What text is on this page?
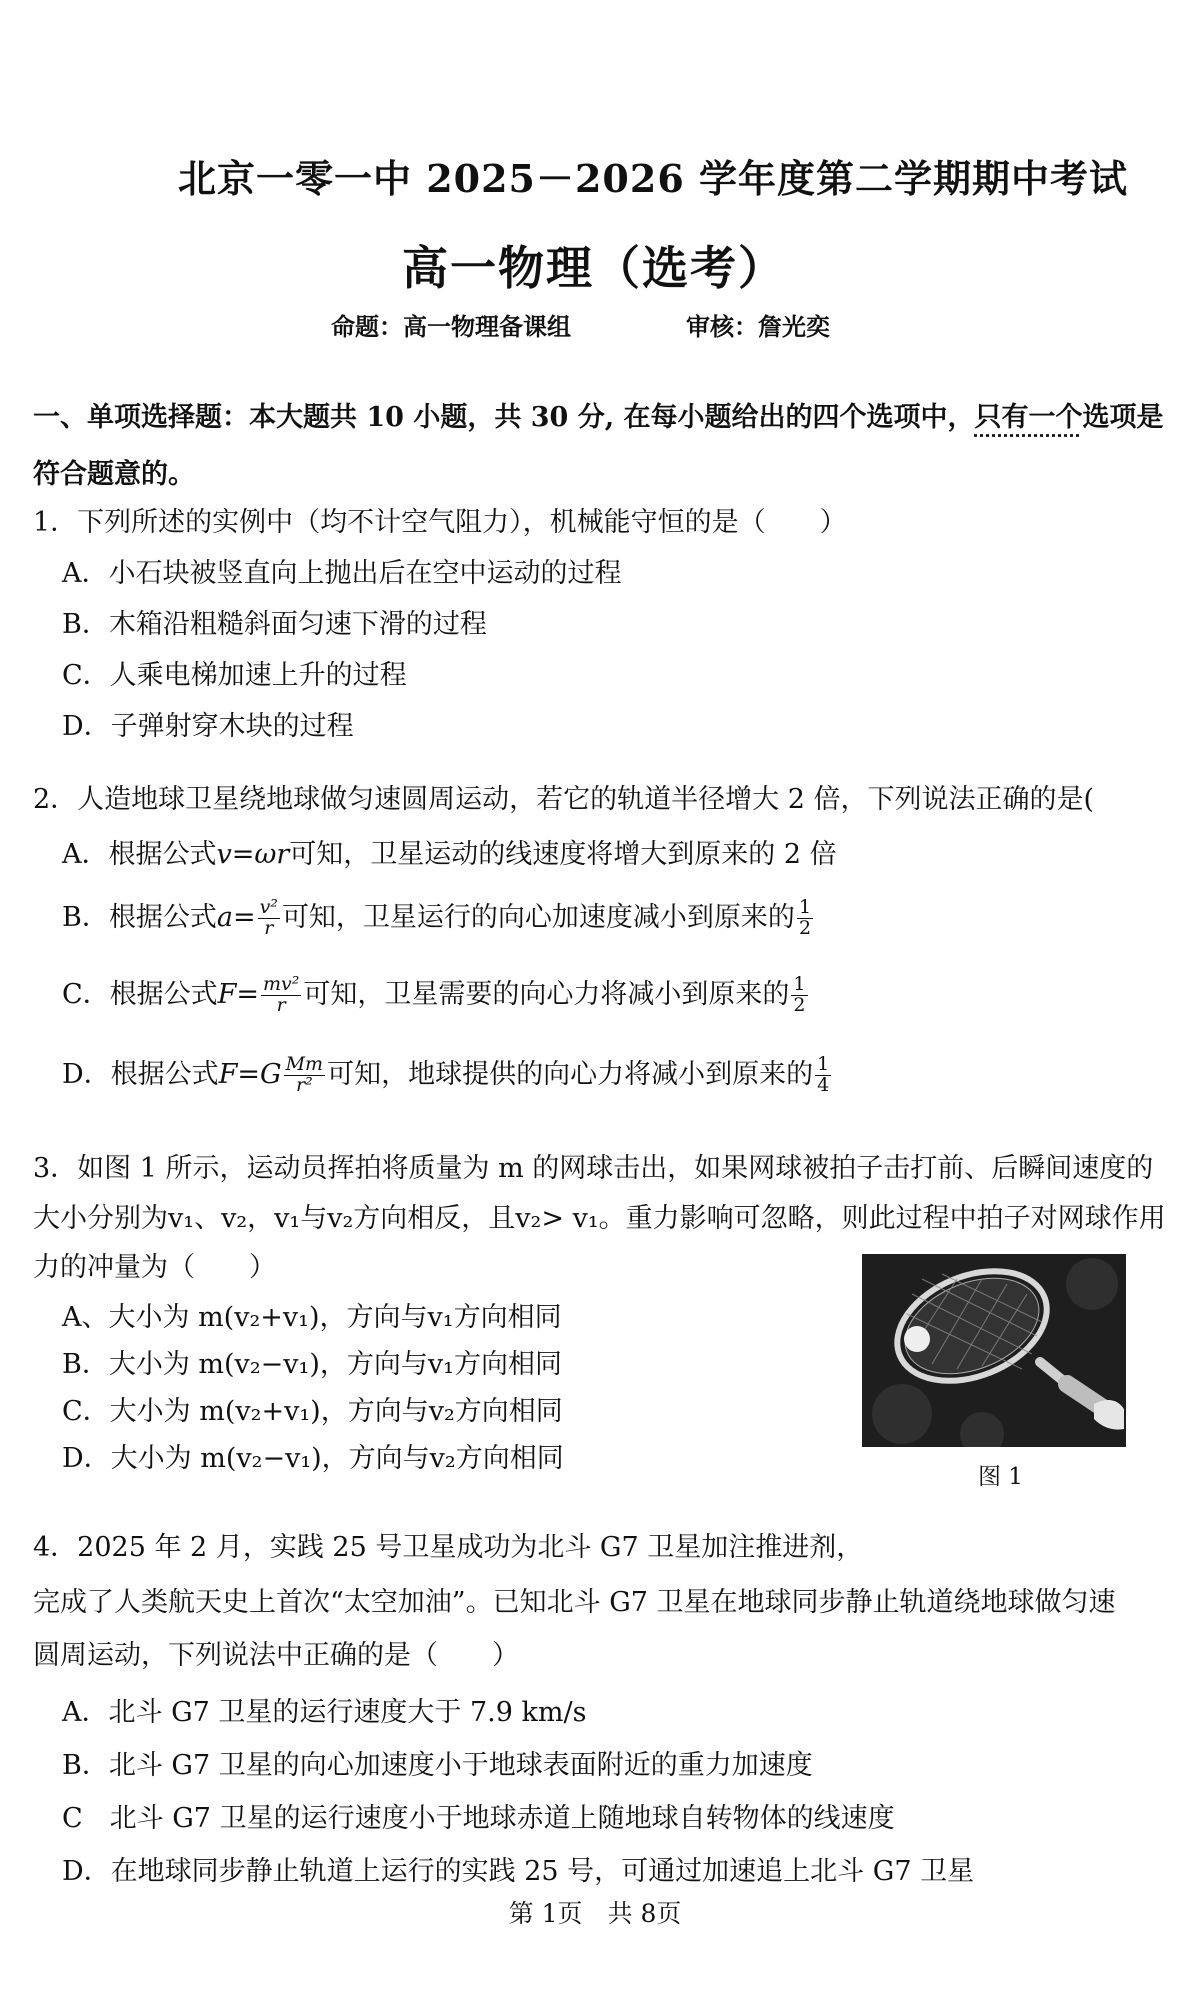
北京一零一中 2025－2026 学年度第二学期期中考试
高一物理（选考）
命题：高一物理备课组	审核：詹光奕
一、单项选择题：本大题共 10 小题，共 30 分, 在每小题给出的四个选项中，只有一个选项是
符合题意的。
1．下列所述的实例中（均不计空气阻力），机械能守恒的是（　　）
A．小石块被竖直向上抛出后在空中运动的过程
B．木箱沿粗糙斜面匀速下滑的过程
C．人乘电梯加速上升的过程
D．子弹射穿木块的过程
2．人造地球卫星绕地球做匀速圆周运动，若它的轨道半径增大 2 倍，下列说法正确的是(
A．根据公式v=ωr可知，卫星运动的线速度将增大到原来的 2 倍
B．根据公式$a= \frac{\text{v²}}{r}$ 可知，卫星运行的向心加速度减小到原来的 $\frac{1}{2}$
C．根据公式$F= \frac{\text{mv²}}{r}$ 可知，卫星需要的向心力将减小到原来的 $\frac{1}{2}$
D．根据公式$F=G \frac{Mm}{\text{r²}}$ 可知，地球提供的向心力将减小到原来的 $\frac{1}{4}$
3．如图 1 所示，运动员挥拍将质量为 m 的网球击出，如果网球被拍子击打前、后瞬间速度的
大小分别为v₁、v₂，v₁与v₂方向相反，且v₂> v₁。重力影响可忽略，则此过程中拍子对网球作用
力的冲量为（　　）
A、大小为 m(v₂+v₁)，方向与v₁方向相同
B．大小为 m(v₂−v₁)，方向与v₁方向相同
C．大小为 m(v₂+v₁)，方向与v₂方向相同
D．大小为 m(v₂−v₁)，方向与v₂方向相同
图 1
4．2025 年 2 月，实践 25 号卫星成功为北斗 G7 卫星加注推进剂，
完成了人类航天史上首次“太空加油”。已知北斗 G7 卫星在地球同步静止轨道绕地球做匀速
圆周运动，下列说法中正确的是（　　）
A．北斗 G7 卫星的运行速度大于 7.9 km/s
B．北斗 G7 卫星的向心加速度小于地球表面附近的重力加速度
C　北斗 G7 卫星的运行速度小于地球赤道上随地球自转物体的线速度
D．在地球同步静止轨道上运行的实践 25 号，可通过加速追上北斗 G7 卫星
第 1页　共 8页
